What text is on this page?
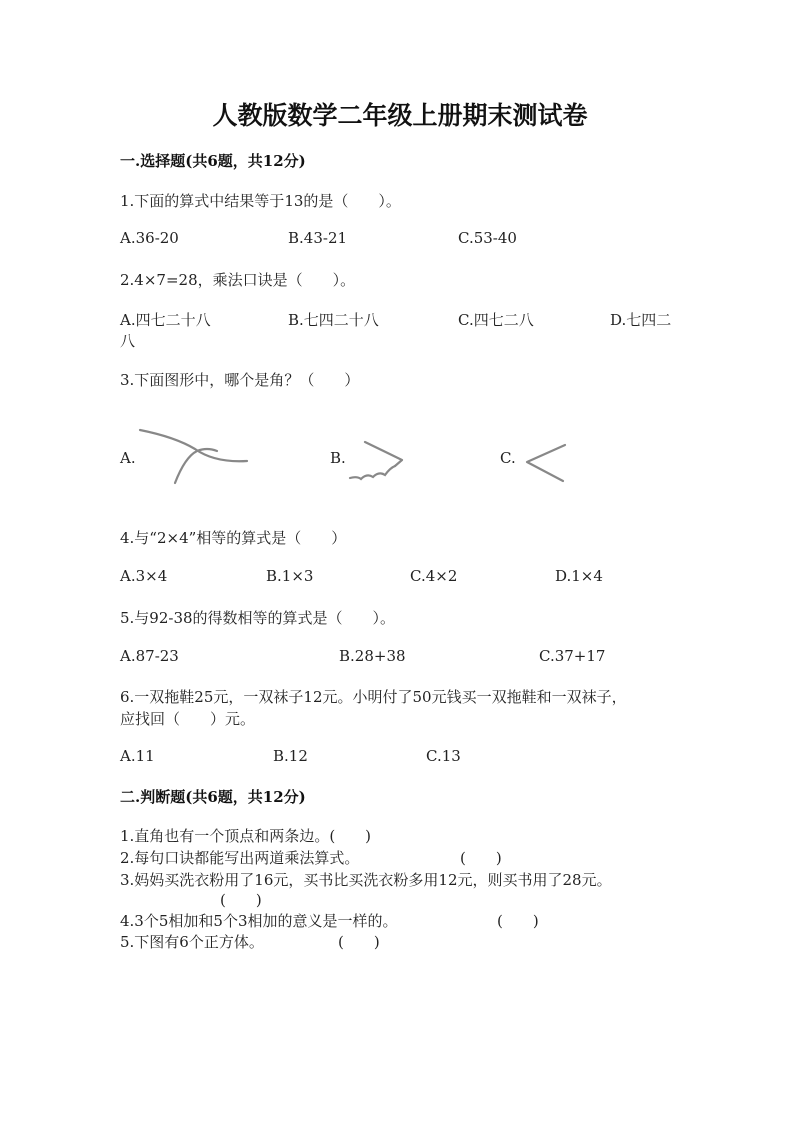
人教版数学二年级上册期末测试卷
一.选择题(共6题，共12分)
1.下面的算式中结果等于13的是（　　）。
A.36-20	B.43-21	C.53-40
2.4×7=28，乘法口诀是（　　）。
A.四七二十八	B.七四二十八	C.四七二八	D.七四二
八
3.下面图形中，哪个是角？（　　）
A.	B.	C.
4.与“2×4”相等的算式是（　　）
A.3×4	B.1×3	C.4×2	D.1×4
5.与92-38的得数相等的算式是（　　）。
A.87-23	B.28+38	C.37+17
6.一双拖鞋25元，一双袜子12元。小明付了50元钱买一双拖鞋和一双袜子，
应找回（　　）元。
A.11	B.12	C.13
二.判断题(共6题，共12分)
1.直角也有一个顶点和两条边。(　　)
2.每句口诀都能写出两道乘法算式。	(　　)
3.妈妈买洗衣粉用了16元，买书比买洗衣粉多用12元，则买书用了28元。
(　　)
4.3个5相加和5个3相加的意义是一样的。	(　　)
5.下图有6个正方体。	(　　)
